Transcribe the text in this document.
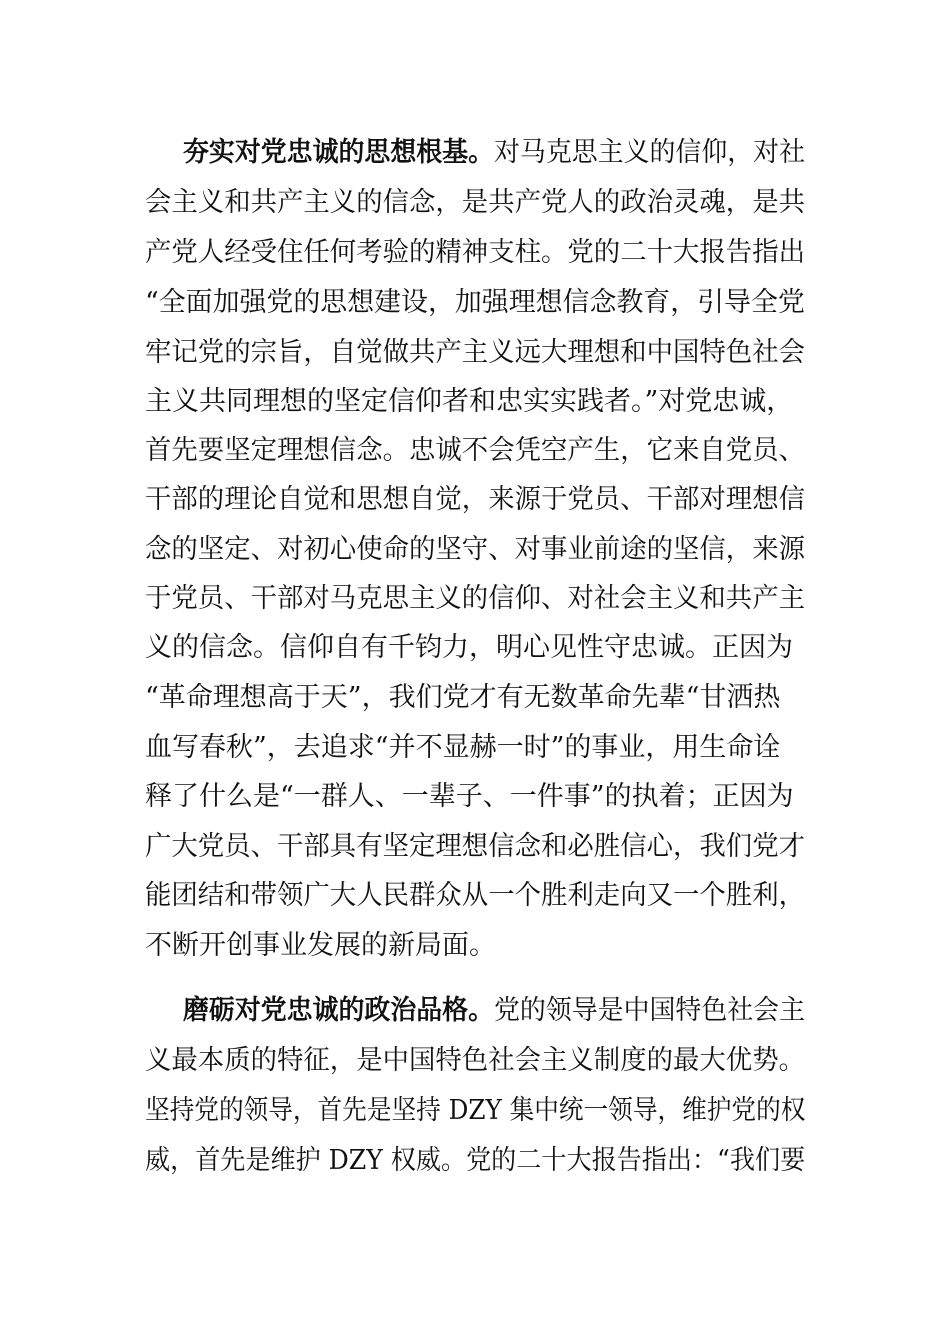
夯实对党忠诚的思想根基。对马克思主义的信仰，对社
会主义和共产主义的信念，是共产党人的政治灵魂，是共
产党人经受住任何考验的精神支柱。党的二十大报告指出
“全面加强党的思想建设，加强理想信念教育，引导全党
牢记党的宗旨，自觉做共产主义远大理想和中国特色社会
主义共同理想的坚定信仰者和忠实实践者。”对党忠诚，
首先要坚定理想信念。忠诚不会凭空产生，它来自党员、
干部的理论自觉和思想自觉，来源于党员、干部对理想信
念的坚定、对初心使命的坚守、对事业前途的坚信，来源
于党员、干部对马克思主义的信仰、对社会主义和共产主
义的信念。信仰自有千钧力，明心见性守忠诚。正因为
“革命理想高于天”，我们党才有无数革命先辈“甘洒热
血写春秋”，去追求“并不显赫一时”的事业，用生命诠
释了什么是“一群人、一辈子、一件事”的执着；正因为
广大党员、干部具有坚定理想信念和必胜信心，我们党才
能团结和带领广大人民群众从一个胜利走向又一个胜利，
不断开创事业发展的新局面。
磨砺对党忠诚的政治品格。党的领导是中国特色社会主
义最本质的特征，是中国特色社会主义制度的最大优势。
坚持党的领导，首先是坚持 DZY 集中统一领导，维护党的权
威，首先是维护 DZY 权威。党的二十大报告指出：“我们要
